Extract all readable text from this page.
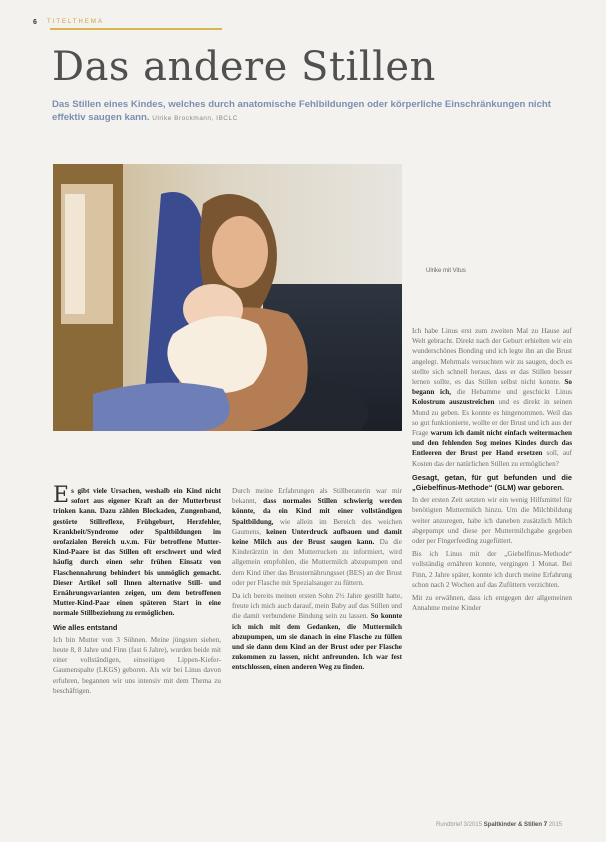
6	TITELTHEMA
Das andere Stillen
Das Stillen eines Kindes, welches durch anatomische Fehlbildungen oder körperliche Einschränkungen nicht effektiv saugen kann. Ulrike Brockmann, IBCLC
Ulrike mit Vitus

E s gibt viele Ursachen, weshalb ein Kind nicht sofort aus eigener Kraft an der Mutterbrust trinken kann. Dazu zählen Blockaden, Zungenband, gestörte Stillreflexe, Frühgeburt, Herzfehler, Krankheit/Syndrome oder Spaltbildungen im orofazialen Bereich u.v.m. Für betroffene Mutter-Kind-Paare ist das Stillen oft erschwert und wird häufig durch einen sehr frühen Einsatz von Flaschennahrung behindert bis unmöglich gemacht. Dieser Artikel soll Ihnen alternative Still- und Ernährungsvarianten zeigen, um dem betroffenen Mutter-Kind-Paar einen späteren Start in eine normale Stillbeziehung zu ermöglichen.

Wie alles entstand

Ich bin Mutter von 3 Söhnen. Meine jüngsten sieben, heute 8, 8 Jahre und Finn (fast 6 Jahre), wurden beide mit einer vollständigen, einseitigen Lippen-Kiefer-Gaumenspalte (LKGS) geboren. Als wir bei Linus davon erfuhren, begannen wir uns intensiv mit dem Thema zu beschäftigen.

Durch meine Erfahrungen als Stillberaterin war mir bekannt, dass normales Stillen schwierig werden könnte, da ein Kind mit einer vollständigen Spaltbildung, wie allein im Bereich des weichen Gaumens, keinen Unterdruck aufbauen und damit keine Milch aus der Brust saugen kann. Da die Kinderärztin in den Mutterrucken zu informiert, wird allgemein empfohlen, die Muttermilch abzupumpen und dem Kind über das Brusternährungsset (BES) an der Brust oder per Flasche mit Spezialsauger zu füttern.

Da ich bereits meinen ersten Sohn 2½ Jahre gestillt hatte, freute ich mich auch darauf, mein Baby auf das Stillen und die damit verbundene Bindung sein zu lassen. So konnte ich mich mit dem Gedanken, die Muttermilch abzupumpen, um sie danach in eine Flasche zu füllen und sie dann dem Kind an der Brust oder per Flasche zukommen zu lassen, nicht anfreunden. Ich war fest entschlossen, einen anderen Weg zu finden.

Ich habe Linus erst zum zweiten Mal zu Hause auf Welt gebracht. Direkt nach der Geburt erhielten wir ein wunderschönes Bonding und ich legte ihn an die Brust angelegt. Mehrmals versuchten wir zu saugen, doch es stellte sich schnell heraus, dass er das Stillen besser lernen sollte, es das Stillen selbst nicht konnte. So begann ich, die Hebamme und geschickt Linus Kolostrum auszustreichen und es direkt in seinen Mund zu geben. Es konnte es hingenommen. Weil das so gut funktionierte, wollte er der Brust und ich aus der Frage warum ich damit nicht einfach weitermachen und den fehlenden Sog meines Kindes durch das Entleeren der Brust per Hand ersetzen soll, auf Kosten das der natürlichen Stillen zu ermöglichen?

Gesagt, getan, für gut befunden und die „Giebelfinus-Methode“ (GLM) war geboren.

In der ersten Zeit setzten wir ein wenig Hilfsmittel für benötigten Muttermilch hinzu. Um die Milchbildung weiter anzuregen, habe ich daneben zusätzlich Milch abgepumpt und diese per Muttermilchgabe gegeben oder per Fingerfeeding zugefüttert.

Bis ich Linus mit der „Giebelfinus-Methode“ vollständig ernähren konnte, vergingen 1 Monat. Bei Finn, 2 Jahre später, konnte ich durch meine Erfahrung schon nach 2 Wochen auf das Zufüttern verzichten.

Mit zu erwähnen, dass ich entgegen der allgemeinen Annahme meine Kinder

Rundbrief 3/2015 Spaltkinder & Stillen 7 2015
